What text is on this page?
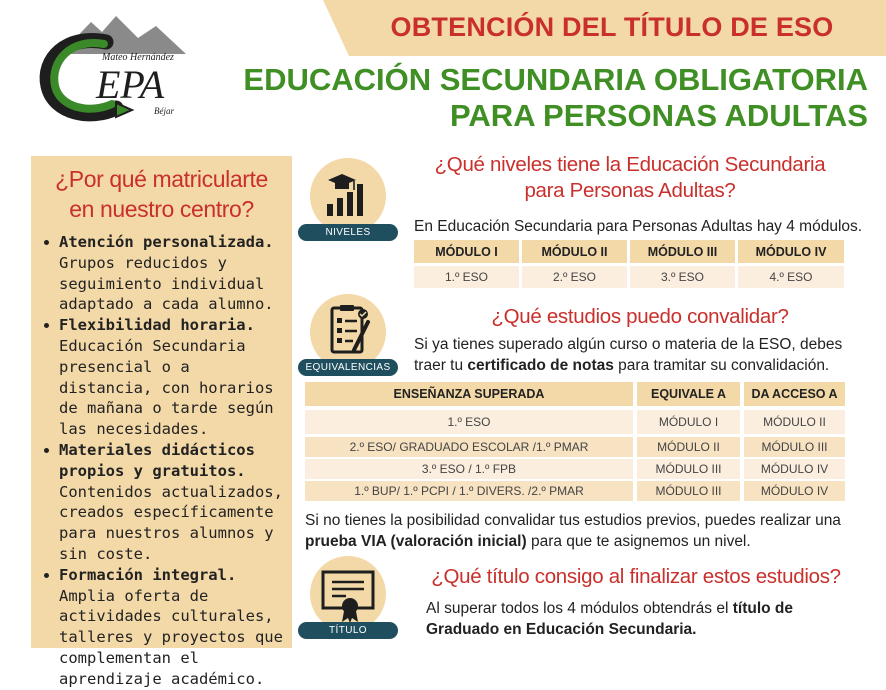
OBTENCIÓN DEL TÍTULO DE ESO
EDUCACIÓN SECUNDARIA OBLIGATORIA
PARA PERSONAS ADULTAS
Mateo Hernández
EPA
Béjar
¿Por qué matricularte
en nuestro centro?
Atención personalizada. Grupos reducidos y seguimiento individual adaptado a cada alumno.
Flexibilidad horaria. Educación Secundaria presencial o a distancia, con horarios de mañana o tarde según las necesidades.
Materiales didácticos propios y gratuitos. Contenidos actualizados, creados específicamente para nuestros alumnos y sin coste.
Formación integral.  Amplia oferta de actividades culturales, talleres y proyectos que complementan el aprendizaje académico.
NIVELES
EQUIVALENCIAS
TÍTULO
¿Qué niveles tiene la Educación Secundaria
para Personas Adultas?
En Educación Secundaria para Personas Adultas hay 4 módulos.
MÓDULO I	MÓDULO II	MÓDULO III	MÓDULO IV
1.º ESO	2.º ESO	3.º ESO	4.º ESO
¿Qué estudios puedo convalidar?
Si ya tienes superado algún curso o materia de la ESO, debes traer tu certificado de notas para tramitar su convalidación.
ENSEÑANZA SUPERADA	EQUIVALE A	DA ACCESO A
1.º ESO	MÓDULO I	MÓDULO II
2.º ESO/ GRADUADO ESCOLAR /1.º PMAR	MÓDULO II	MÓDULO III
3.º ESO / 1.º FPB	MÓDULO III	MÓDULO IV
1.º BUP/ 1.º PCPI / 1.º DIVERS. /2.º PMAR	MÓDULO III	MÓDULO IV
Si no tienes la posibilidad convalidar tus estudios previos, puedes realizar una prueba VIA (valoración inicial) para que te asignemos un nivel.
¿Qué título consigo al finalizar estos estudios?
Al superar todos los 4 módulos obtendrás el título de Graduado en Educación Secundaria.
